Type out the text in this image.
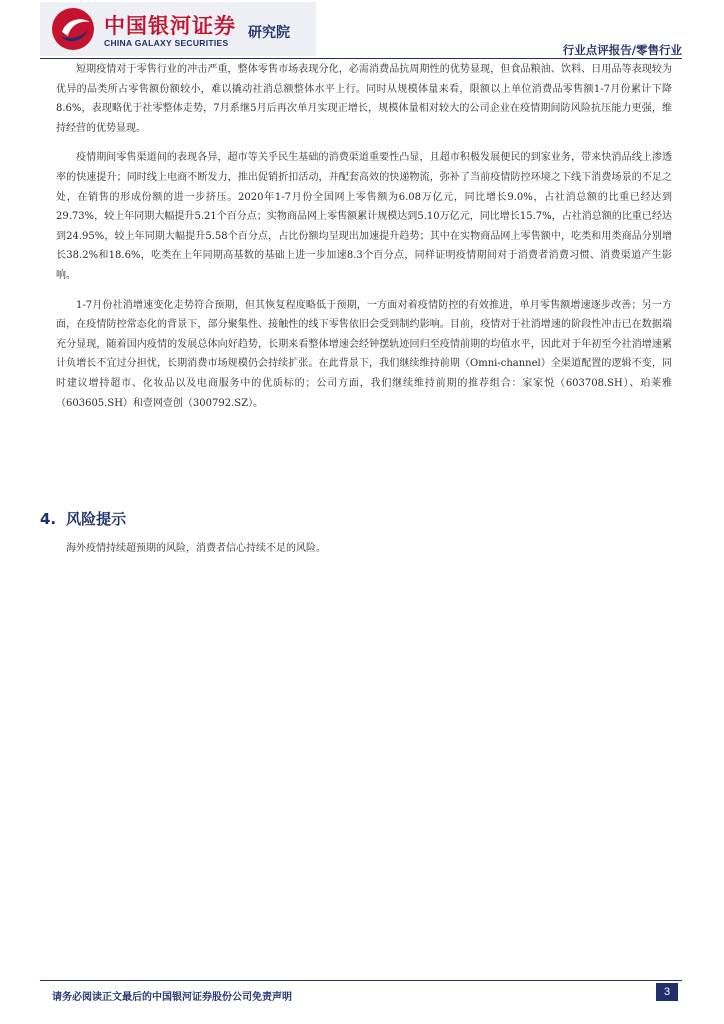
中国银河证券
CHINA GALAXY SECURITIES
研究院
行业点评报告/零售行业

短期疫情对于零售行业的冲击严重，整体零售市场表现分化，必需消费品抗周期性的优势显现，但食品粮油、饮料、日用品等表现较为优异的品类所占零售额份额较小，难以撬动社消总额整体水平上行。同时从规模体量来看，限额以上单位消费品零售额1-7月份累计下降8.6%，表现略优于社零整体走势，7月系继5月后再次单月实现正增长，规模体量相对较大的公司企业在疫情期间防风险抗压能力更强，维持经营的优势显现。

疫情期间零售渠道间的表现各异，超市等关乎民生基础的消费渠道重要性凸显，且超市积极发展便民的到家业务，带来快消品线上渗透率的快速提升；同时线上电商不断发力，推出促销折扣活动，并配套高效的快递物流，弥补了当前疫情防控环境之下线下消费场景的不足之处，在销售的形成份额的进一步挤压。2020年1-7月份全国网上零售额为6.08万亿元，同比增长9.0%，占社消总额的比重已经达到29.73%，较上年同期大幅提升5.21个百分点；实物商品网上零售额累计规模达到5.10万亿元，同比增长15.7%，占社消总额的比重已经达到24.95%，较上年同期大幅提升5.58个百分点，占比份额均呈现出加速提升趋势；其中在实物商品网上零售额中，吃类和用类商品分别增长38.2%和18.6%，吃类在上年同期高基数的基础上进一步加速8.3个百分点，同样证明疫情期间对于消费者消费习惯、消费渠道产生影响。

1-7月份社消增速变化走势符合预期，但其恢复程度略低于预期，一方面对着疫情防控的有效推进，单月零售额增速逐步改善；另一方面，在疫情防控常态化的背景下，部分聚集性、接触性的线下零售依旧会受到制约影响。目前，疫情对于社消增速的阶段性冲击已在数据端充分显现，随着国内疫情的发展总体向好趋势，长期来看整体增速会经钟摆轨迹回归至疫情前期的均值水平，因此对于年初至今社消增速累计负增长不宜过分担忧，长期消费市场规模仍会持续扩张。在此背景下，我们继续维持前期（Omni-channel）全渠道配置的逻辑不变，同时建议增持超市、化妆品以及电商服务中的优质标的；公司方面，我们继续维持前期的推荐组合：家家悦（603708.SH）、珀莱雅（603605.SH）和壹网壹创（300792.SZ）。

4. 风险提示
海外疫情持续超预期的风险，消费者信心持续不足的风险。
请务必阅读正文最后的中国银河证券股份公司免责声明	3
